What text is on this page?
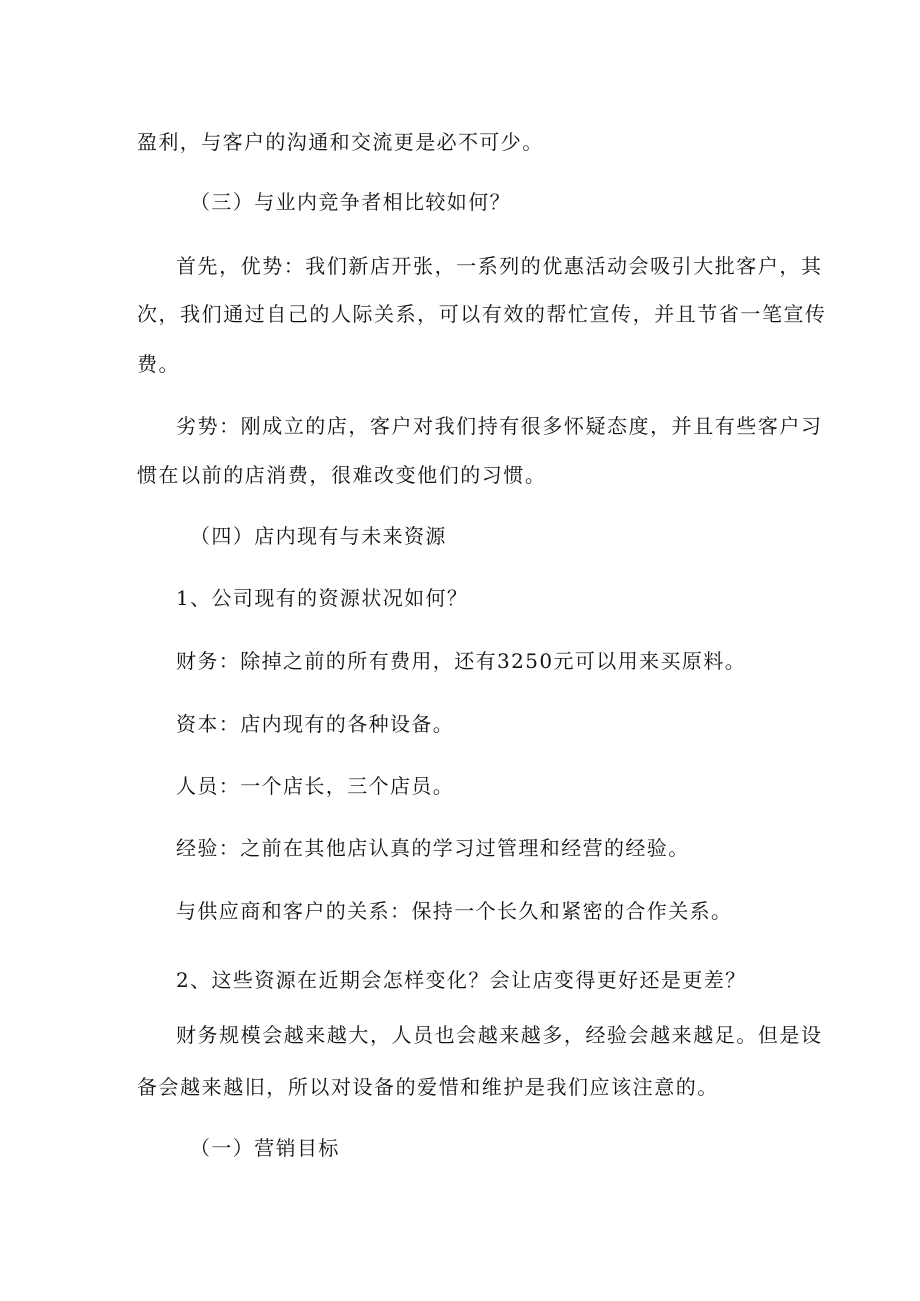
盈利，与客户的沟通和交流更是必不可少。
（三）与业内竞争者相比较如何？
首先，优势：我们新店开张，一系列的优惠活动会吸引大批客户，其
次，我们通过自己的人际关系，可以有效的帮忙宣传，并且节省一笔宣传
费。
劣势：刚成立的店，客户对我们持有很多怀疑态度，并且有些客户习
惯在以前的店消费，很难改变他们的习惯。
（四）店内现有与未来资源
1、公司现有的资源状况如何？
财务：除掉之前的所有费用，还有3250元可以用来买原料。
资本：店内现有的各种设备。
人员：一个店长，三个店员。
经验：之前在其他店认真的学习过管理和经营的经验。
与供应商和客户的关系：保持一个长久和紧密的合作关系。
2、这些资源在近期会怎样变化？会让店变得更好还是更差？
财务规模会越来越大，人员也会越来越多，经验会越来越足。但是设
备会越来越旧，所以对设备的爱惜和维护是我们应该注意的。
（一）营销目标
